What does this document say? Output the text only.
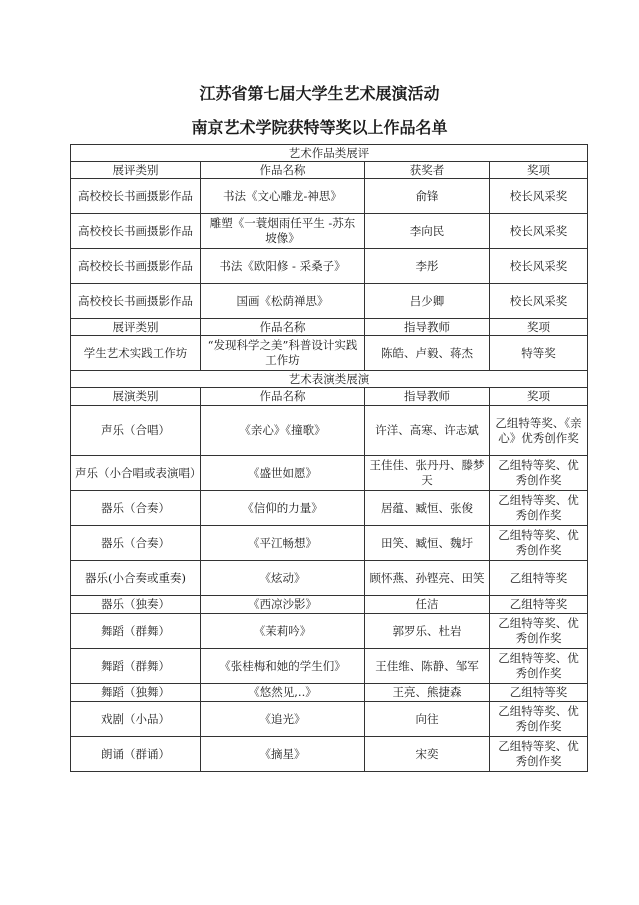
江苏省第七届大学生艺术展演活动
南京艺术学院获特等奖以上作品名单
艺术作品类展评			
展评类别	作品名称	获奖者	奖项
高校校长书画摄影作品	书法《文心雕龙-神思》	俞锋	校长风采奖
高校校长书画摄影作品	雕塑《一蓑烟雨任平生 -苏东坡像》	李向民	校长风采奖
高校校长书画摄影作品	书法《欧阳修 - 采桑子》	李彤	校长风采奖
高校校长书画摄影作品	国画《松荫禅思》	吕少卿	校长风采奖
展评类别	作品名称	指导教师	奖项
学生艺术实践工作坊	“发现科学之美”科普设计实践工作坊	陈皓、卢毅、蒋杰	特等奖
艺术表演类展演			
展演类别	作品名称	指导教师	奖项
声乐（合唱）	《亲心》《撞歌》	许洋、高寒、许志斌	乙组特等奖、《亲心》优秀创作奖
声乐（小合唱或表演唱）	《盛世如愿》	王佳佳、张丹丹、滕梦天	乙组特等奖、优秀创作奖
器乐（合奏）	《信仰的力量》	居蕴、臧恒、张俊	乙组特等奖、优秀创作奖
器乐（合奏）	《平江畅想》	田笑、臧恒、魏圩	乙组特等奖、优秀创作奖
器乐(小合奏或重奏)	《炫动》	顾怀燕、孙铿亮、田笑	乙组特等奖
器乐（独奏）	《西凉沙影》	任洁	乙组特等奖
舞蹈（群舞）	《茉莉吟》	郭罗乐、杜岩	乙组特等奖、优秀创作奖
舞蹈（群舞）	《张桂梅和她的学生们》	王佳维、陈静、邹军	乙组特等奖、优秀创作奖
舞蹈（独舞）	《悠然见,..》	王亮、熊捷森	乙组特等奖
戏剧（小品）	《追光》	向往	乙组特等奖、优秀创作奖
朗诵（群诵）	《摘星》	宋奕	乙组特等奖、优秀创作奖
